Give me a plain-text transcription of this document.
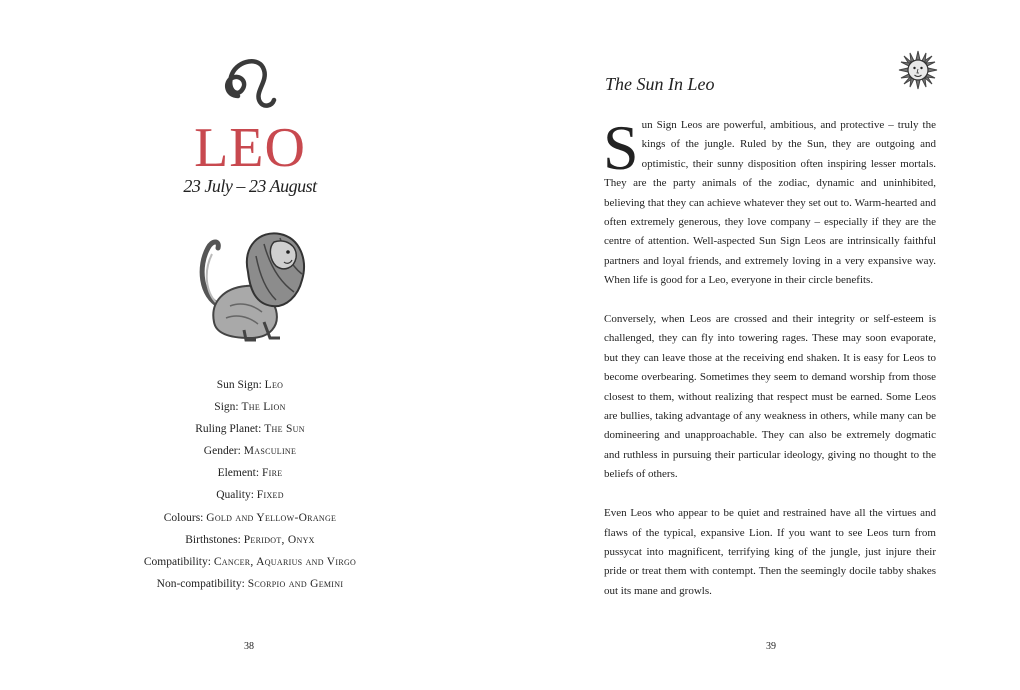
LEO
23 July – 23 August
Sun Sign: Leo
Sign: The Lion
Ruling Planet: The Sun
Gender: Masculine
Element: Fire
Quality: Fixed
Colours: Gold and Yellow-Orange
Birthstones: Peridot, Onyx
Compatibility: Cancer, Aquarius and Virgo
Non-compatibility: Scorpio and Gemini
38
The Sun In Leo

Sun Sign Leos are powerful, ambitious, and protective – truly the kings of the jungle. Ruled by the Sun, they are outgoing and optimistic, their sunny disposition often inspiring lesser mortals. They are the party animals of the zodiac, dynamic and uninhibited, believing that they can achieve whatever they set out to. Warm-hearted and often extremely generous, they love company – especially if they are the centre of attention. Well-aspected Sun Sign Leos are intrinsically faithful partners and loyal friends, and extremely loving in a very expansive way. When life is good for a Leo, everyone in their circle benefits.

Conversely, when Leos are crossed and their integrity or self-esteem is challenged, they can fly into towering rages. These may soon evaporate, but they can leave those at the receiving end shaken. It is easy for Leos to become overbearing. Sometimes they seem to demand worship from those closest to them, without realizing that respect must be earned. Some Leos are bullies, taking advantage of any weakness in others, while many can be domineering and unapproachable. They can also be extremely dogmatic and ruthless in pursuing their particular ideology, giving no thought to the beliefs of others.

Even Leos who appear to be quiet and restrained have all the virtues and flaws of the typical, expansive Lion. If you want to see Leos turn from pussycat into magnificent, terrifying king of the jungle, just injure their pride or treat them with contempt. Then the seemingly docile tabby shakes out its mane and growls.

39
